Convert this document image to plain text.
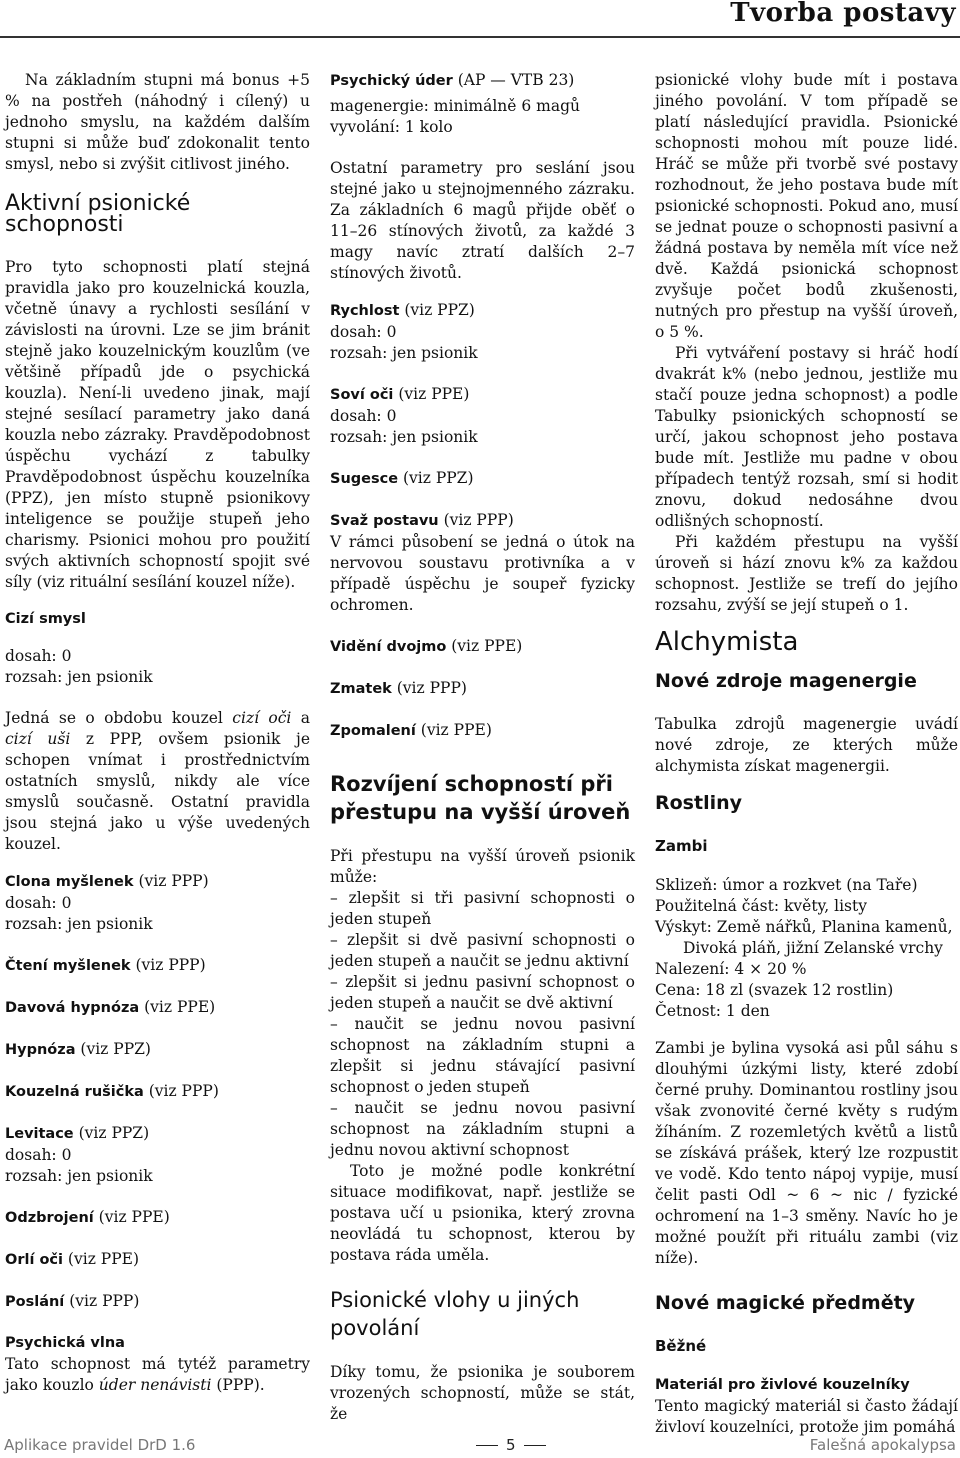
Tvorba postavy

Na základním stupni má bonus +5 % na postřeh (náhodný i cílený) u jednoho smyslu, na každém dalším stupni si může buď zdokonalit tento smysl, nebo si zvýšit citlivost jiného.

Aktivní psionické schopnosti

Pro tyto schopnosti platí stejná pravidla jako pro kouzelnická kouzla, včetně únavy a rychlosti sesílání v závislosti na úrovni. Lze se jim bránit stejně jako kouzelnickým kouzlům (ve většině případů jde o psychická kouzla). Není-li uvedeno jinak, mají stejné sesílací parametry jako daná kouzla nebo zázraky. Pravděpodobnost úspěchu vychází z tabulky Pravděpodobnost úspěchu kouzelníka (PPZ), jen místo stupně psionikovy inteligence se použije stupeň jeho charismy. Psionici mohou pro použití svých aktivních schopností spojit své síly (viz rituální sesílání kouzel níže).

Cizí smysl
dosah: 0
rozsah: jen psionik

Jedná se o obdobu kouzel cizí oči a cizí uši z PPP, ovšem psionik je schopen vnímat i prostřednictvím ostatních smyslů, nikdy ale více smyslů současně. Ostatní pravidla jsou stejná jako u výše uvedených kouzel.

Clona myšlenek (viz PPP)
dosah: 0
rozsah: jen psionik
Čtení myšlenek (viz PPP)
Davová hypnóza (viz PPE)
Hypnóza (viz PPZ)
Kouzelná rušička (viz PPP)
Levitace (viz PPZ)
dosah: 0
rozsah: jen psionik
Odzbrojení (viz PPE)
Orlí oči (viz PPE)
Poslání (viz PPP)
Psychická vlna
Tato schopnost má tytéž parametry jako kouzlo úder nenávisti (PPP).
Psychický úder (AP — VTB 23)
magenergie: minimálně 6 magů
vyvolání: 1 kolo

Ostatní parametry pro seslání jsou stejné jako u stejnojmenného zázraku. Za základních 6 magů přijde oběť o 11–26 stínových životů, za každé 3 magy navíc ztratí dalších 2–7 stínových životů.

Rychlost (viz PPZ)
dosah: 0
rozsah: jen psionik
Soví oči (viz PPE)
dosah: 0
rozsah: jen psionik
Sugesce (viz PPZ)
Svaž postavu (viz PPP)
V rámci působení se jedná o útok na nervovou soustavu protivníka a v případě úspěchu je soupeř fyzicky ochromen.
Vidění dvojmo (viz PPE)
Zmatek (viz PPP)
Zpomalení (viz PPE)
Rozvíjení schopností při přestupu na vyšší úroveň

Při přestupu na vyšší úroveň psionik může:

– zlepšit si tři pasivní schopnosti o jeden stupeň
– zlepšit si dvě pasivní schopnosti o jeden stupeň a naučit se jednu aktivní
– zlepšit si jednu pasivní schopnost o jeden stupeň a naučit se dvě aktivní
– naučit se jednu novou pasivní schopnost na základním stupni a zlepšit si jednu stávající pasivní schopnost o jeden stupeň
– naučit se jednu novou pasivní schopnost na základním stupni a jednu novou aktivní schopnost

Toto je možné podle konkrétní situace modifikovat, např. jestliže se postava učí u psionika, který zrovna neovládá tu schopnost, kterou by postava ráda uměla.

Psionické vlohy u jiných povolání

Díky tomu, že psionika je souborem vrozených schopností, může se stát, že

psionické vlohy bude mít i postava jiného povolání. V tom případě se platí následující pravidla. Psionické schopnosti mohou mít pouze lidé. Hráč se může při tvorbě své postavy rozhodnout, že jeho postava bude mít psionické schopnosti. Pokud ano, musí se jednat pouze o schopnosti pasivní a žádná postava by neměla mít více než dvě. Každá psionická schopnost zvyšuje počet bodů zkušenosti, nutných pro přestup na vyšší úroveň, o 5 %.

Při vytváření postavy si hráč hodí dvakrát k% (nebo jednou, jestliže mu stačí pouze jedna schopnost) a podle Tabulky psionických schopností se určí, jakou schopnost jeho postava bude mít. Jestliže mu padne v obou případech tentýž rozsah, smí si hodit znovu, dokud nedosáhne dvou odlišných schopností.

Při každém přestupu na vyšší úroveň si hází znovu k% za každou schopnost. Jestliže se trefí do jejího rozsahu, zvýší se její stupeň o 1.

Alchymista
Nové zdroje magenergie

Tabulka zdrojů magenergie uvádí nové zdroje, ze kterých může alchymista získat magenergii.

Rostliny
Zambi
Sklizeň: úmor a rozkvet (na Taře)
Použitelná část: květy, listy
Výskyt: Země nářků, Planina kamenů,
Divoká pláň, jižní Zelanské vrchy
Nalezení: 4 × 20 %
Cena: 18 zl (svazek 12 rostlin)
Četnost: 1 den

Zambi je bylina vysoká asi půl sáhu s dlouhými úzkými listy, které zdobí černé pruhy. Dominantou rostliny jsou však zvonovité černé květy s rudým žíháním. Z rozemletých květů a listů se získává prášek, který lze rozpustit ve vodě. Kdo tento nápoj vypije, musí čelit pasti Odl ~ 6 ~ nic / fyzické ochromení na 1–3 směny. Navíc ho je možné použít při rituálu zambi (viz níže).

Nové magické předměty
Běžné
Materiál pro živlové kouzelníky
Tento magický materiál si často žádají živloví kouzelníci, protože jim pomáhá
Aplikace pravidel DrD 1.6	5	Falešná apokalypsa
